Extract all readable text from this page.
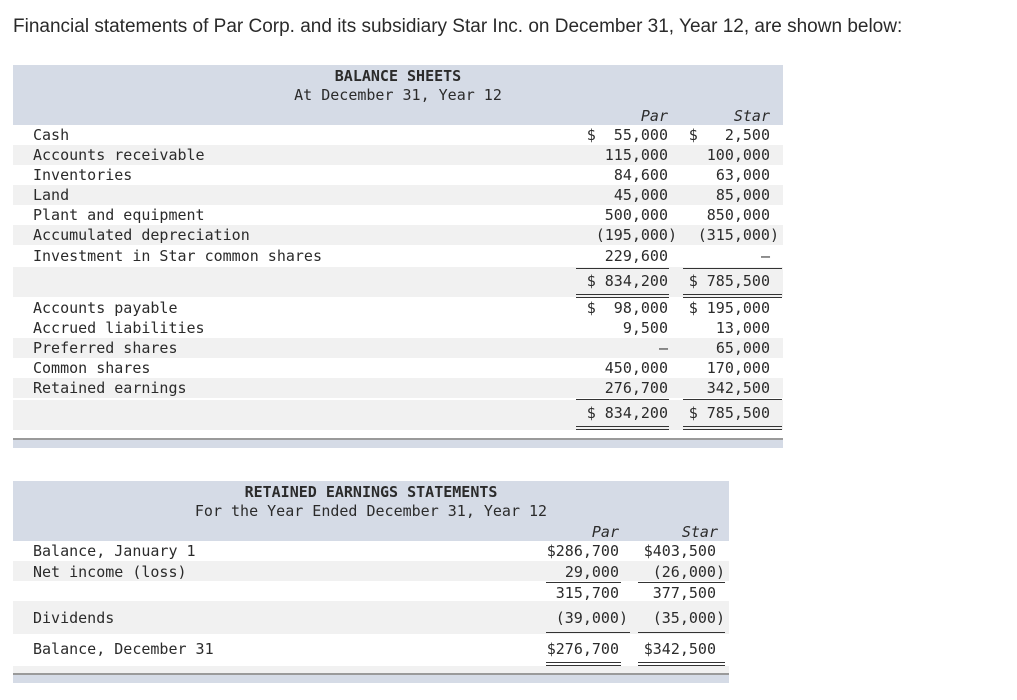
Financial statements of Par Corp. and its subsidiary Star Inc. on December 31, Year 12, are shown below:
BALANCE SHEETS
At December 31, Year 12
Par	Star
Cash	$  55,000	$   2,500
Accounts receivable	115,000	100,000
Inventories	84,600	63,000
Land	45,000	85,000
Plant and equipment	500,000	850,000
Accumulated depreciation	(195,000)	(315,000)
Investment in Star common shares	229,600	–
$ 834,200	$ 785,500
Accounts payable	$  98,000	$ 195,000
Accrued liabilities	9,500	13,000
Preferred shares	–	65,000
Common shares	450,000	170,000
Retained earnings	276,700	342,500
$ 834,200	$ 785,500
RETAINED EARNINGS STATEMENTS
For the Year Ended December 31, Year 12
Par	Star
Balance, January 1	$286,700	$403,500
Net income (loss)	29,000	(26,000)
315,700	377,500
Dividends	(39,000)	(35,000)
Balance, December 31	$276,700	$342,500
